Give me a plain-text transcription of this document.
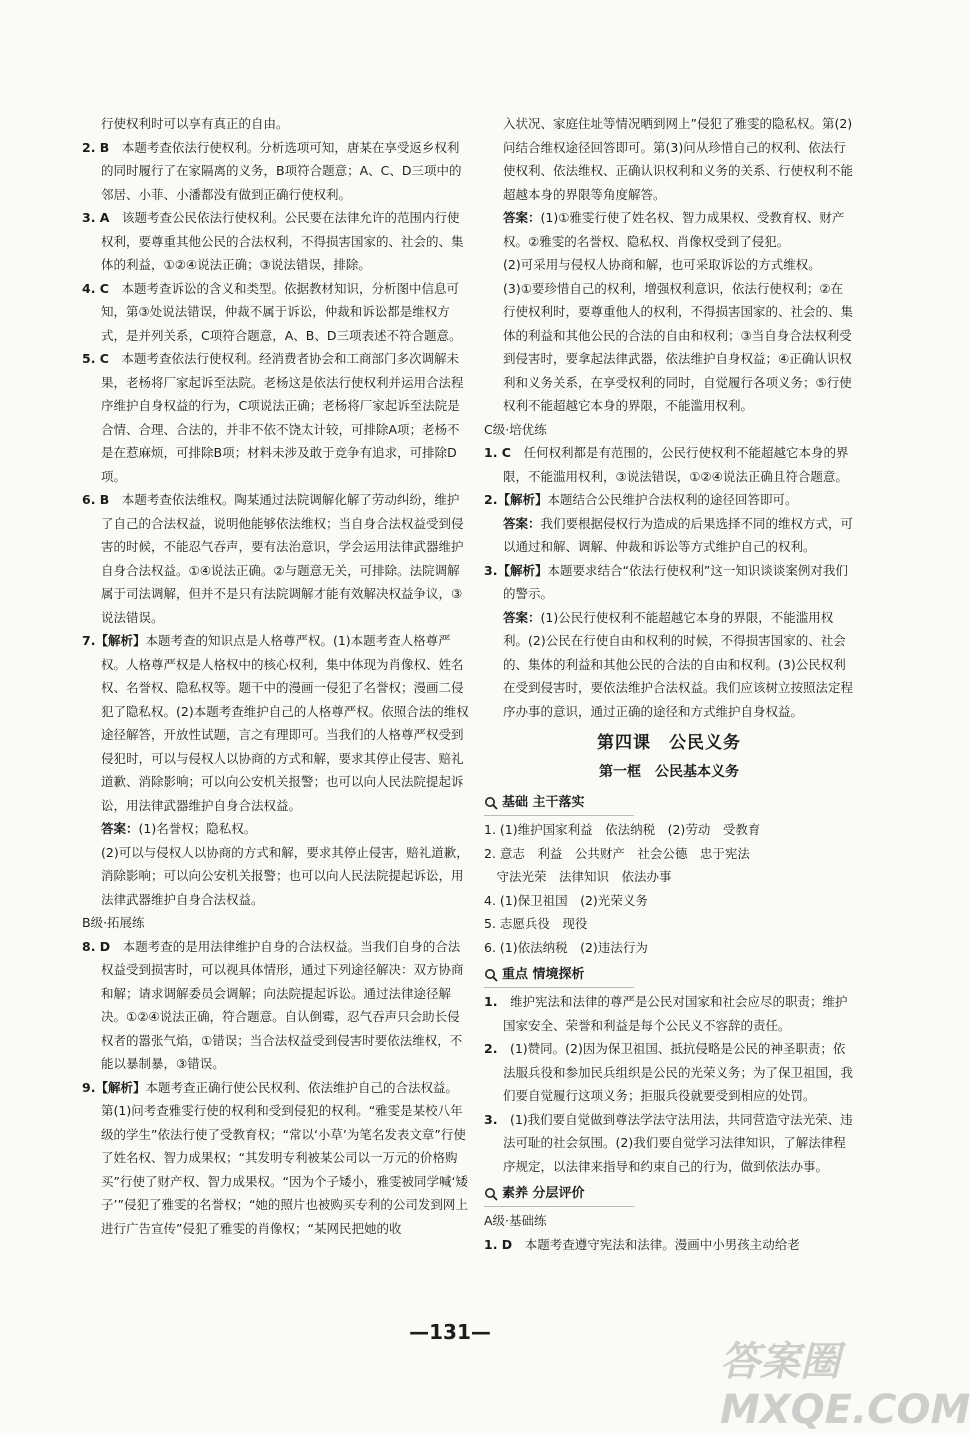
行使权利时可以享有真正的自由。

2. B　本题考查依法行使权利。分析选项可知，唐某在享受返乡权利的同时履行了在家隔离的义务，B项符合题意；A、C、D三项中的邻居、小菲、小潘都没有做到正确行使权利。

3. A　该题考查公民依法行使权利。公民要在法律允许的范围内行使权利，要尊重其他公民的合法权利，不得损害国家的、社会的、集体的利益，①②④说法正确；③说法错误，排除。

4. C　本题考查诉讼的含义和类型。依据教材知识，分析图中信息可知，第③处说法错误，仲裁不属于诉讼，仲裁和诉讼都是维权方式，是并列关系，C项符合题意，A、B、D三项表述不符合题意。

5. C　本题考查依法行使权利。经消费者协会和工商部门多次调解未果，老杨将厂家起诉至法院。老杨这是依法行使权利并运用合法程序维护自身权益的行为，C项说法正确；老杨将厂家起诉至法院是合情、合理、合法的，并非不依不饶太计较，可排除A项；老杨不是在惹麻烦，可排除B项；材料未涉及敢于竞争有追求，可排除D项。

6. B　本题考查依法维权。陶某通过法院调解化解了劳动纠纷，维护了自己的合法权益，说明他能够依法维权；当自身合法权益受到侵害的时候，不能忍气吞声，要有法治意识，学会运用法律武器维护自身合法权益。①④说法正确。②与题意无关，可排除。法院调解属于司法调解，但并不是只有法院调解才能有效解决权益争议，③说法错误。

7.【解析】本题考查的知识点是人格尊严权。(1)本题考查人格尊严权。人格尊严权是人格权中的核心权利，集中体现为肖像权、姓名权、名誉权、隐私权等。题干中的漫画一侵犯了名誉权；漫画二侵犯了隐私权。(2)本题考查维护自己的人格尊严权。依照合法的维权途径解答，开放性试题，言之有理即可。当我们的人格尊严权受到侵犯时，可以与侵权人以协商的方式和解，要求其停止侵害、赔礼道歉、消除影响；可以向公安机关报警；也可以向人民法院提起诉讼，用法律武器维护自身合法权益。

答案：(1)名誉权；隐私权。

(2)可以与侵权人以协商的方式和解，要求其停止侵害，赔礼道歉，消除影响；可以向公安机关报警；也可以向人民法院提起诉讼，用法律武器维护自身合法权益。

B级·拓展练

8. D　本题考查的是用法律维护自身的合法权益。当我们自身的合法权益受到损害时，可以视具体情形，通过下列途径解决：双方协商和解；请求调解委员会调解；向法院提起诉讼。通过法律途径解决。①②④说法正确，符合题意。自认倒霉，忍气吞声只会助长侵权者的嚣张气焰，①错误；当合法权益受到侵害时要依法维权，不能以暴制暴，③错误。

9.【解析】本题考查正确行使公民权利、依法维护自己的合法权益。第(1)问考查雅雯行使的权利和受到侵犯的权利。“雅雯是某校八年级的学生”依法行使了受教育权；“常以‘小草’为笔名发表文章”行使了姓名权、智力成果权；“其发明专利被某公司以一万元的价格购买”行使了财产权、智力成果权。“因为个子矮小，雅雯被同学喊‘矮子’”侵犯了雅雯的名誉权；“她的照片也被购买专利的公司发到网上进行广告宣传”侵犯了雅雯的肖像权；“某网民把她的收

入状况、家庭住址等情况晒到网上”侵犯了雅雯的隐私权。第(2)问结合维权途径回答即可。第(3)问从珍惜自己的权利、依法行使权利、依法维权、正确认识权利和义务的关系、行使权利不能超越本身的界限等角度解答。

答案：(1)①雅雯行使了姓名权、智力成果权、受教育权、财产权。②雅雯的名誉权、隐私权、肖像权受到了侵犯。

(2)可采用与侵权人协商和解，也可采取诉讼的方式维权。

(3)①要珍惜自己的权利，增强权利意识，依法行使权利；②在行使权利时，要尊重他人的权利，不得损害国家的、社会的、集体的利益和其他公民的合法的自由和权利；③当自身合法权利受到侵害时，要拿起法律武器，依法维护自身权益；④正确认识权利和义务关系，在享受权利的同时，自觉履行各项义务；⑤行使权利不能超越它本身的界限，不能滥用权利。

C级·培优练

1. C　任何权利都是有范围的，公民行使权利不能超越它本身的界限，不能滥用权利，③说法错误，①②④说法正确且符合题意。

2.【解析】本题结合公民维护合法权利的途径回答即可。

答案：我们要根据侵权行为造成的后果选择不同的维权方式，可以通过和解、调解、仲裁和诉讼等方式维护自己的权利。

3.【解析】本题要求结合“依法行使权利”这一知识谈谈案例对我们的警示。

答案：(1)公民行使权利不能超越它本身的界限，不能滥用权利。(2)公民在行使自由和权利的时候，不得损害国家的、社会的、集体的利益和其他公民的合法的自由和权利。(3)公民权利在受到侵害时，要依法维护合法权益。我们应该树立按照法定程序办事的意识，通过正确的途径和方式维护自身权益。

第四课　公民义务
第一框　公民基本义务
基础 主干落实
1. (1)维护国家利益　依法纳税　(2)劳动　受教育
2. 意志　利益　公共财产　社会公德　忠于宪法
　守法光荣　法律知识　依法办事
4. (1)保卫祖国　(2)光荣义务
5. 志愿兵役　现役
6. (1)依法纳税　(2)违法行为
重点 情境探析

1.　维护宪法和法律的尊严是公民对国家和社会应尽的职责；维护国家安全、荣誉和利益是每个公民义不容辞的责任。

2.　(1)赞同。(2)因为保卫祖国、抵抗侵略是公民的神圣职责；依法服兵役和参加民兵组织是公民的光荣义务；为了保卫祖国，我们要自觉履行这项义务；拒服兵役就要受到相应的处罚。

3.　(1)我们要自觉做到尊法学法守法用法，共同营造守法光荣、违法可耻的社会氛围。(2)我们要自觉学习法律知识，了解法律程序规定，以法律来指导和约束自己的行为，做到依法办事。

素养 分层评价
A级·基础练

1. D　本题考查遵守宪法和法律。漫画中小男孩主动给老

—131—
答案圈 MXQE.COM
